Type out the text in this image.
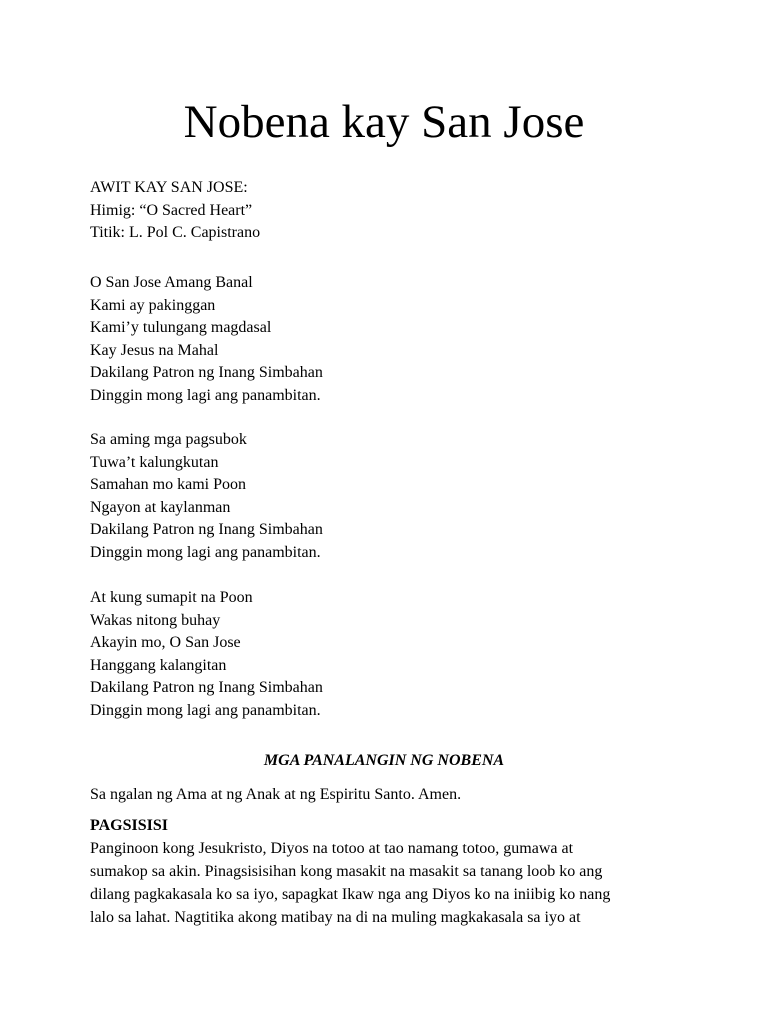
Nobena kay San Jose
AWIT KAY SAN JOSE:
Himig: “O Sacred Heart”
Titik: L. Pol C. Capistrano
O San Jose Amang Banal
Kami ay pakinggan
Kami’y tulungang magdasal
Kay Jesus na Mahal
Dakilang Patron ng Inang Simbahan
Dinggin mong lagi ang panambitan.
Sa aming mga pagsubok
Tuwa’t kalungkutan
Samahan mo kami Poon
Ngayon at kaylanman
Dakilang Patron ng Inang Simbahan
Dinggin mong lagi ang panambitan.
At kung sumapit na Poon
Wakas nitong buhay
Akayin mo, O San Jose
Hanggang kalangitan
Dakilang Patron ng Inang Simbahan
Dinggin mong lagi ang panambitan.

MGA PANALANGIN NG NOBENA

Sa ngalan ng Ama at ng Anak at ng Espiritu Santo. Amen.

PAGSISISI

Panginoon kong Jesukristo, Diyos na totoo at tao namang totoo, gumawa at
sumakop sa akin. Pinagsisisihan kong masakit na masakit sa tanang loob ko ang
dilang pagkakasala ko sa iyo, sapagkat Ikaw nga ang Diyos ko na iniibig ko nang
lalo sa lahat. Nagtitika akong matibay na di na muling magkakasala sa iyo at
